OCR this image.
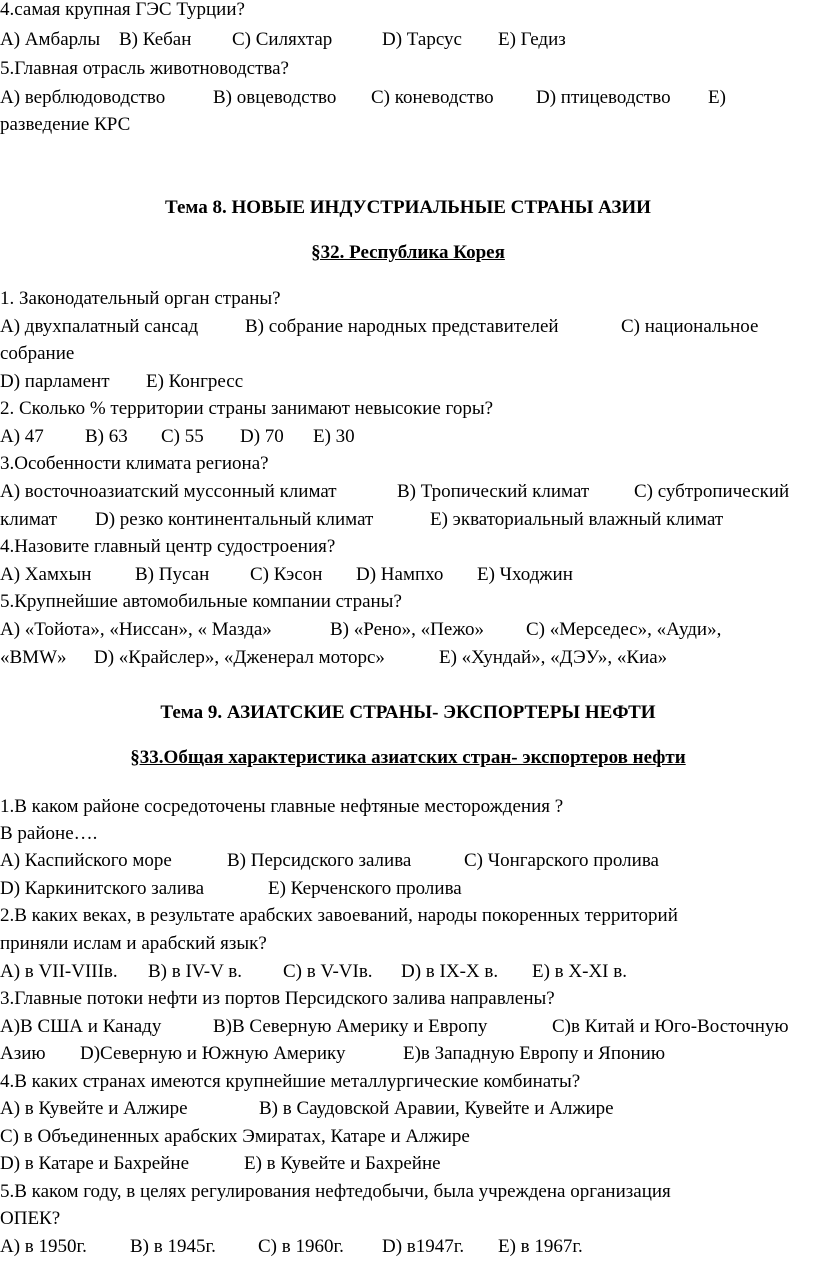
4.самая крупная ГЭС Турции?
A) Амбарлы B) Кебан C) Силяхтар	D) Тарсус E) Гедиз
5.Главная отрасль животноводства?
A) верблюдоводство	B) овцеводство C) коневодство D) птицеводство E)
разведение КРС
Тема 8. НОВЫЕ ИНДУСТРИАЛЬНЫЕ СТРАНЫ АЗИИ
§32. Республика Корея
1. Законодательный орган страны?
A) двухпалатный сансад B) собрание народных представителей	C) национальное
собрание
D) парламент E) Конгресс
2. Сколько % территории страны занимают невысокие горы?
A) 47 B) 63 C) 55 D) 70 E) 30
3.Особенности климата региона?
A) восточноазиатский муссонный климат	B) Тропический климат C) субтропический
климат D) резко континентальный климат	E) экваториальный влажный климат
4.Назовите главный центр судостроения?
A) Хамхын B) Пусан C) Кэсон D) Нампхо E) Чходжин
5.Крупнейшие автомобильные компании страны?
A) «Тойота», «Ниссан», « Мазда»	B) «Рено», «Пежо» C) «Мерседес», «Ауди»,
«BMW» D) «Крайслер», «Дженерал моторс»	E) «Хундай», «ДЭУ», «Киа»
Тема 9. АЗИАТСКИЕ СТРАНЫ- ЭКСПОРТЕРЫ НЕФТИ
§33.Общая характеристика азиатских стран- экспортеров нефти
1.В каком районе сосредоточены главные нефтяные месторождения ?
В районе….
A) Каспийского море	B) Персидского залива	C) Чонгарского пролива
D) Каркинитского залива	E) Керченского пролива
2.В каких веках, в результате арабских завоеваний, народы покоренных территорий
приняли ислам и арабский язык?
A) в VII-VIIIв. B) в IV-V в. C) в V-VIв. D) в IX-X в. E) в X-XI в.
3.Главные потоки нефти из портов Персидского залива направлены?
A)В США и Канаду	B)В Северную Америку и Европу	C)в Китай и Юго-Восточную
Азию D)Северную и Южную Америку	E)в Западную Европу и Японию
4.В каких странах имеются крупнейшие металлургические комбинаты?
A) в Кувейте и Алжире	B) в Саудовской Аравии, Кувейте и Алжире
C) в Объединенных арабских Эмиратах, Катаре и Алжире
D) в Катаре и Бахрейне	E) в Кувейте и Бахрейне
5.В каком году, в целях регулирования нефтедобычи, была учреждена организация
ОПЕК?
A) в 1950г. B) в 1945г. C) в 1960г. D) в1947г. E) в 1967г.
